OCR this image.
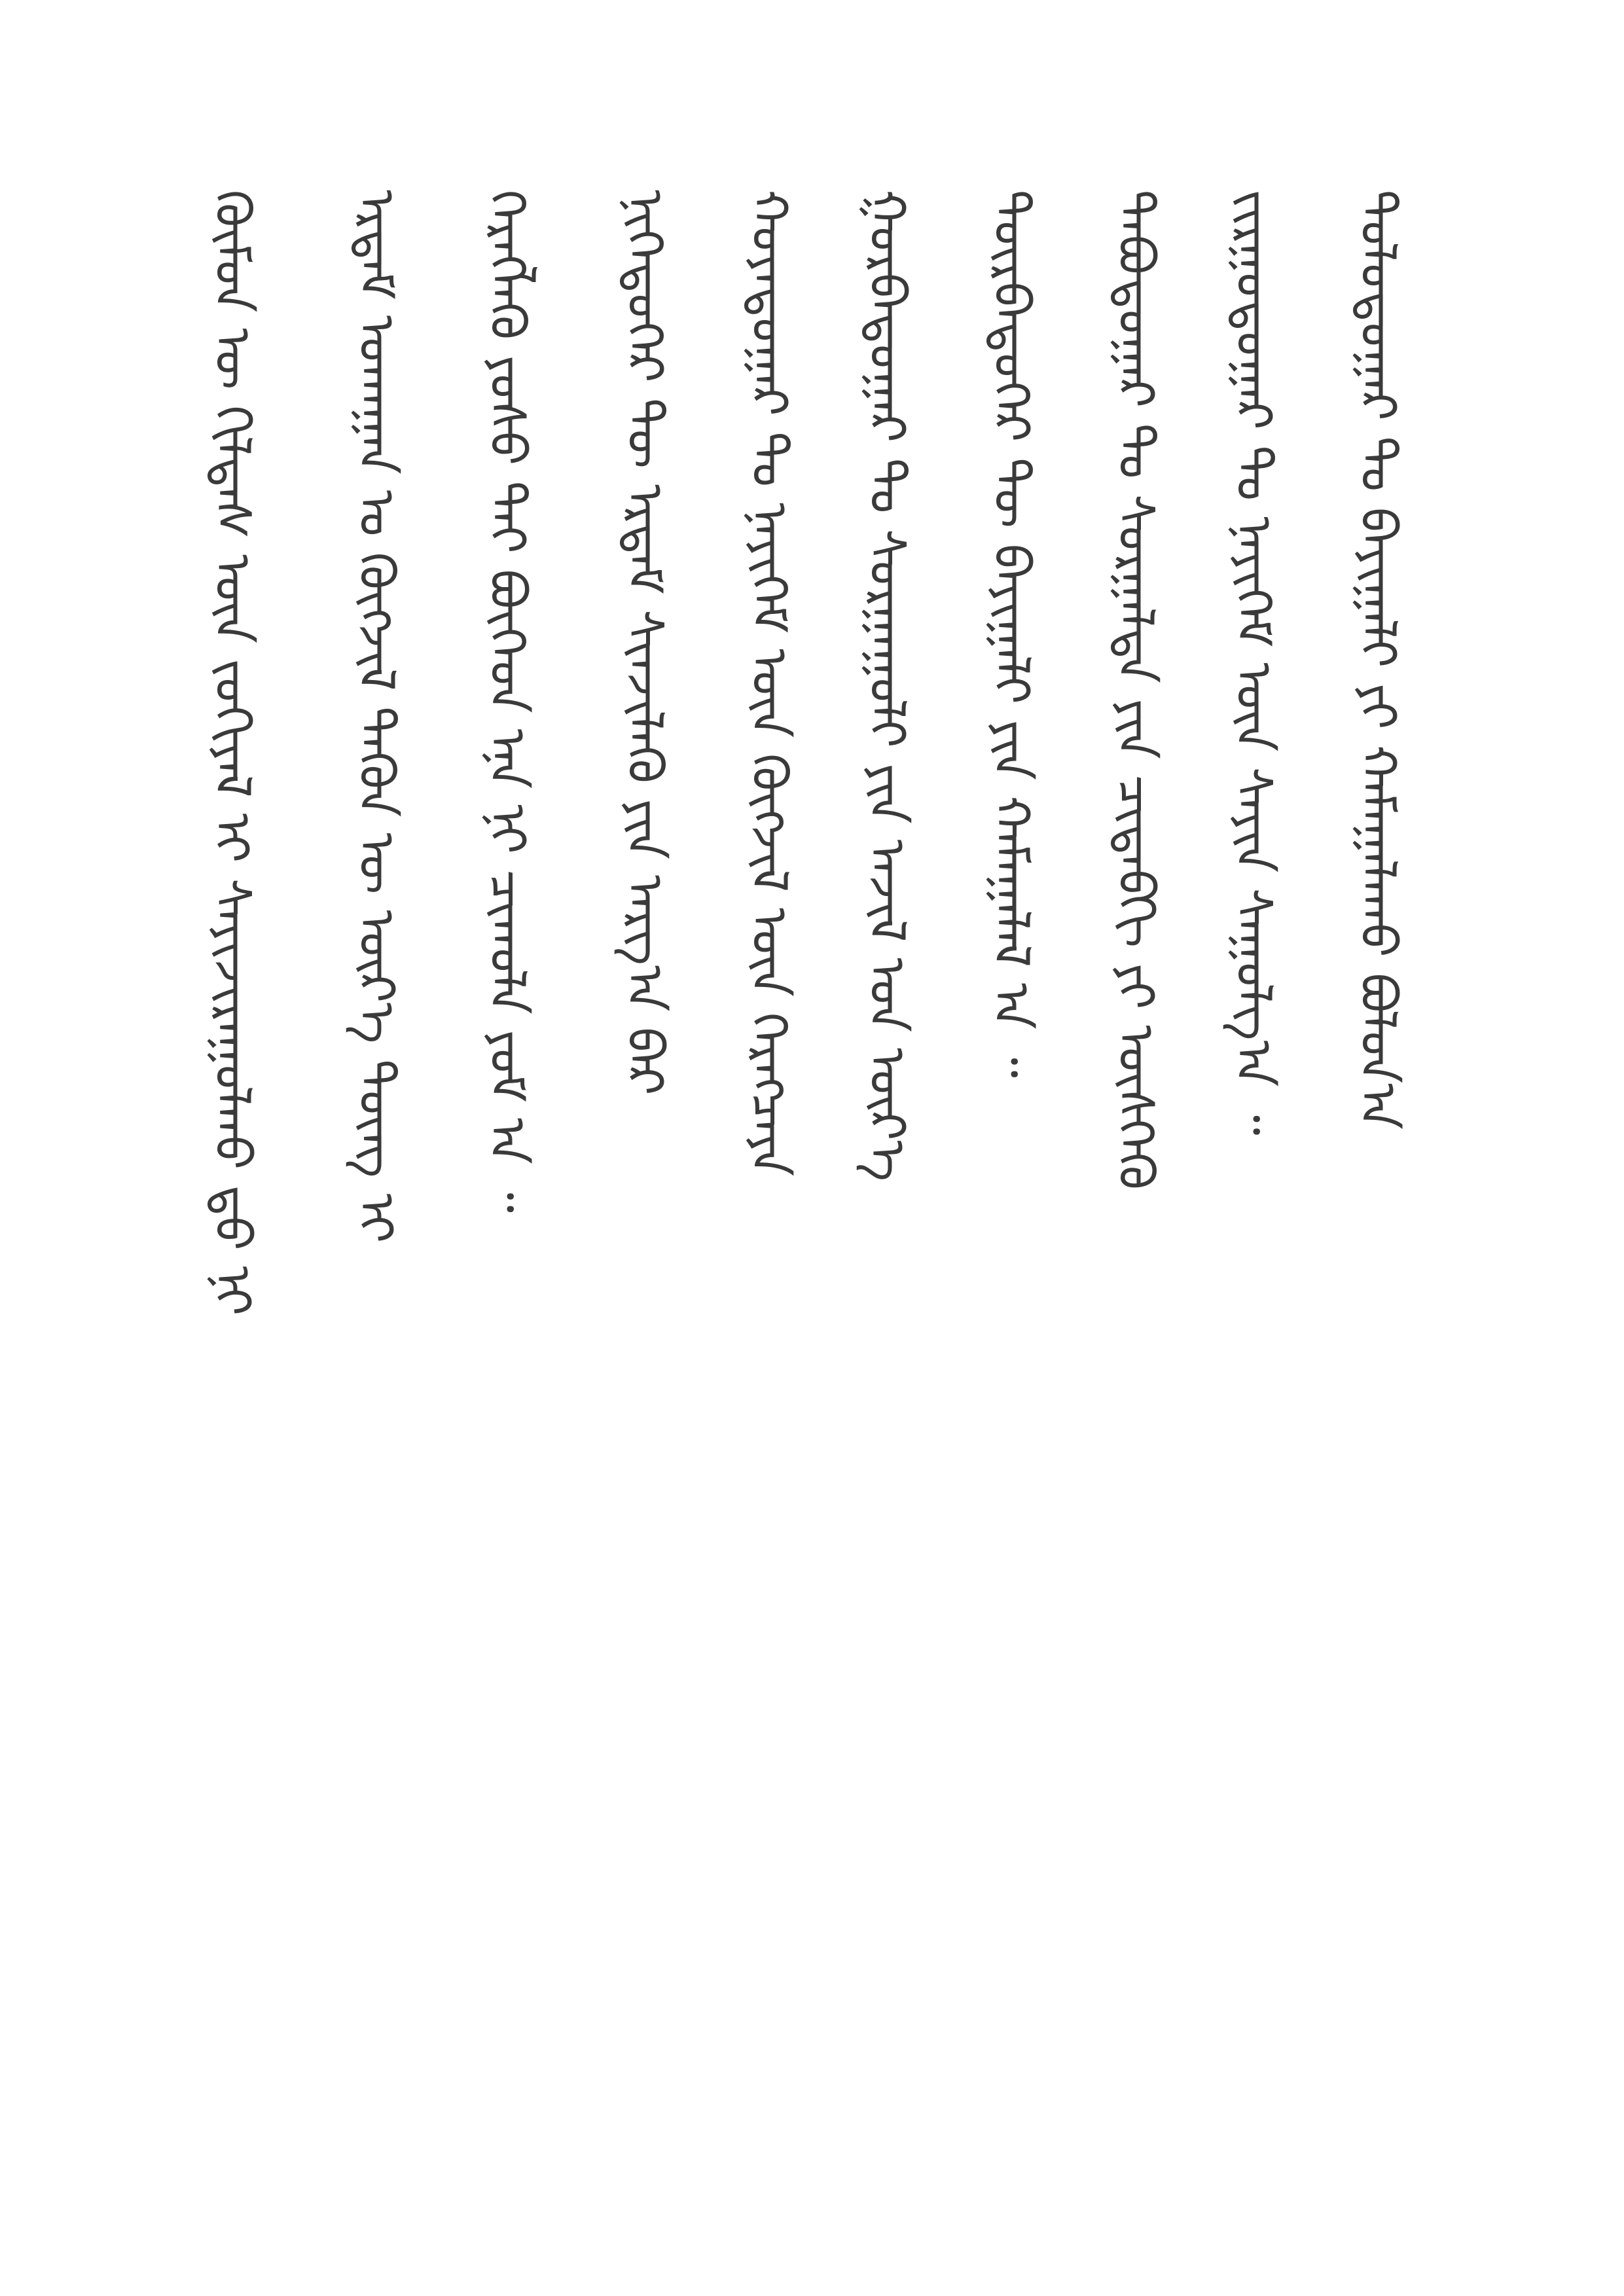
ᠬᠦᠮᠦᠨ ᠦ ᠬᠢᠯᠲᠡᠰ ᠦᠨ ᠵᠣᠬᠢᠶᠠᠯ ᠢ ᠰᠠᠶᠢᠵᠢᠷᠠᠭᠤᠯᠬᠤ ᠳ᠋ᠤ ᠨᠢ ᠡᠷᠳᠡᠮ ᠤᠬᠠᠭᠠᠨ ᠤ ᠬᠥᠭᠵᠢᠯ ᠲᠡᠭᠦᠨ ᠦ ᠦᠷ᠎ᠡ ᠳᠦᠩ ᠢ ᠬᠡᠷᠡᠭᠯᠡᠬᠦ ᠶᠤᠰᠤ ᠲᠠᠢ ᠪᠥᠭᠡᠳ ᠡᠨᠡ ᠨᠢ ᠴᠢᠬᠤᠯᠠ ᠶᠤᠮ ᠠ ᠃ ᠨᠢᠭᠡᠳᠦᠭᠡᠷ ᠲᠦ ᠡᠷᠳᠡᠮ ᠰᠢᠨᠵᠢᠯᠡᠬᠦ ᠶᠢᠨ ᠠᠷᠭ᠎ᠠ ᠪᠠᠷ ᠬᠣᠶᠠᠳᠤᠭᠠᠷ ᠲᠤ ᠨᠡᠶᠢᠭᠡᠮ ᠦᠨ ᠬᠥᠭᠵᠢᠯ ᠦᠨ ᠬᠡᠷᠡᠭᠴᠡᠶᠡ ᠭᠤᠷᠪᠠᠳᠤᠭᠠᠷ ᠲᠤ ᠰᠤᠷᠭᠠᠭᠤᠯᠢ ᠶᠢᠨ ᠠᠵᠢᠯ ᠤᠨ ᠦᠷ᠎ᠡ ᠳᠥᠷᠪᠡᠳᠦᠭᠡᠷ ᠲᠦ ᠪᠠᠶᠢᠭᠠᠯᠢ ᠶᠢᠨ ᠬᠠᠮᠠᠭᠠᠯᠠᠯ ᠠ ᠃ ᠲᠠᠪᠤᠳᠤᠭᠠᠷ ᠲᠤ ᠰᠤᠷᠭᠠᠯᠲᠠ ᠶᠢᠨ ᠴᠢᠳᠠᠪᠬᠢ ᠶᠢ ᠥᠰᠬᠡᠬᠦ ᠵᠢᠷᠭᠤᠳᠤᠭᠠᠷ ᠲᠤ ᠨᠡᠶᠢᠭᠡᠮ ᠦᠨ ᠰᠠᠶᠢᠨ ᠰᠠᠭᠤᠯᠭ᠎ᠠ ᠃ ᠳᠣᠯᠣᠳᠤᠭᠠᠷ ᠲᠤ ᠪᠠᠶᠢᠭᠠᠯᠢ ᠶᠢ ᠬᠠᠮᠠᠭᠠᠯᠠᠬᠤ ᠪᠣᠯᠤᠨ᠎ᠠ
